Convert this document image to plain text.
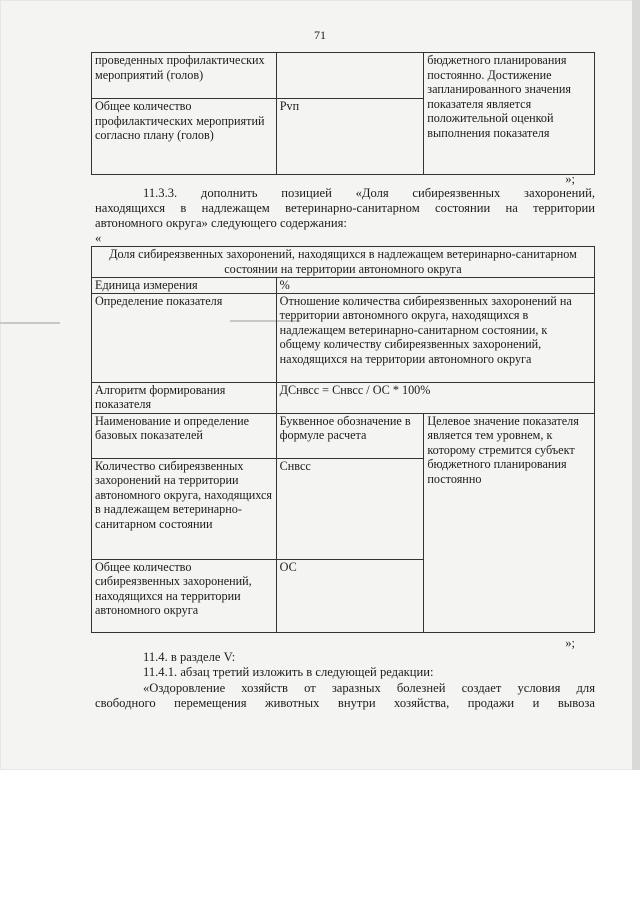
71
проведенных профилактических мероприятий (голов)		бюджетного планирования постоянно. Достижение запланированного значения показателя является положительной оценкой выполнения показателя
Общее количество профилактических мероприятий согласно плану (голов)	Рvп	
»;
11.3.3. дополнить позицией «Доля сибиреязвенных захоронений,
находящихся в надлежащем ветеринарно-санитарном состоянии на территории
автономного округа» следующего содержания:
«
Доля сибиреязвенных захоронений, находящихся в надлежащем ветеринарно-санитарном состоянии на территории автономного округа		
Единица измерения	%	
Определение показателя	Отношение количества сибиреязвенных захоронений на территории автономного округа, находящихся в надлежащем ветеринарно-санитарном состоянии, к общему количеству сибиреязвенных захоронений, находящихся на территории автономного округа	
Алгоритм формирования показателя	ДСнвсс = Снвсс / ОС * 100%	
Наименование и определение базовых показателей	Буквенное обозначение в формуле расчета	Целевое значение показателя является тем уровнем, к которому стремится субъект бюджетного планирования постоянно
Количество сибиреязвенных захоронений на территории автономного округа, находящихся в надлежащем ветеринарно-санитарном состоянии	Снвсс	
Общее количество сибиреязвенных захоронений, находящихся на территории автономного округа	ОС	
»;
11.4. в разделе V:
11.4.1. абзац третий изложить в следующей редакции:
«Оздоровление хозяйств от заразных болезней создает условия для
свободного перемещения животных внутри хозяйства, продажи и вывоза
